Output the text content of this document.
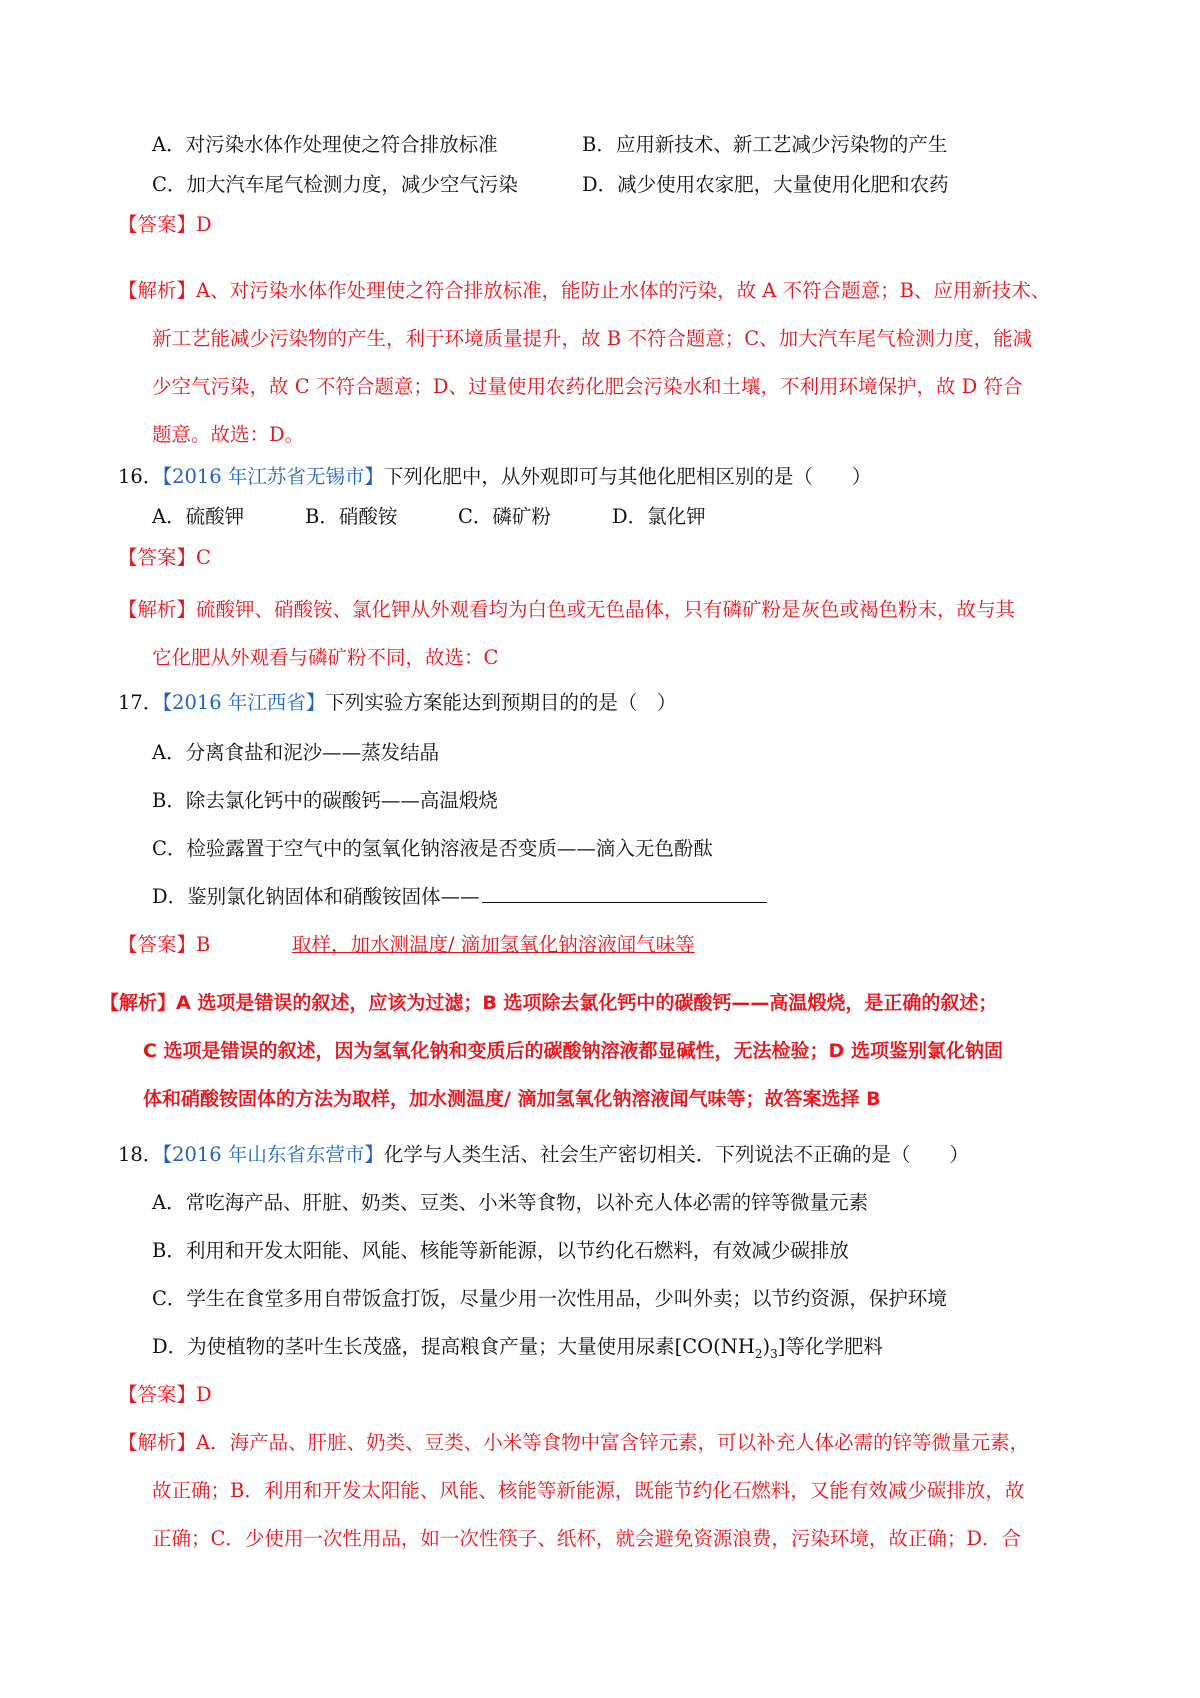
A．对污染水体作处理使之符合排放标准	B．应用新技术、新工艺减少污染物的产生
C．加大汽车尾气检测力度，减少空气污染	D．减少使用农家肥，大量使用化肥和农药
【答案】D
【解析】A、对污染水体作处理使之符合排放标准，能防止水体的污染，故 A 不符合题意；B、应用新技术、
新工艺能减少污染物的产生，利于环境质量提升，故 B 不符合题意；C、加大汽车尾气检测力度，能减
少空气污染，故 C 不符合题意；D、过量使用农药化肥会污染水和土壤，不利用环境保护，故 D 符合
题意。故选：D。
16．【2016 年江苏省无锡市】下列化肥中，从外观即可与其他化肥相区别的是（　　）
A．硫酸钾	B．硝酸铵	C．磷矿粉	D．氯化钾
【答案】C
【解析】硫酸钾、硝酸铵、氯化钾从外观看均为白色或无色晶体，只有磷矿粉是灰色或褐色粉末，故与其
它化肥从外观看与磷矿粉不同，故选：C
17．【2016 年江西省】下列实验方案能达到预期目的的是（　）
A．分离食盐和泥沙——蒸发结晶
B．除去氯化钙中的碳酸钙——高温煅烧
C．检验露置于空气中的氢氧化钠溶液是否变质——滴入无色酚酞
D．鉴别氯化钠固体和硝酸铵固体——
【答案】B	取样，加水测温度/ 滴加氢氧化钠溶液闻气味等
【解析】A 选项是错误的叙述，应该为过滤；B 选项除去氯化钙中的碳酸钙——高温煅烧，是正确的叙述；
C 选项是错误的叙述，因为氢氧化钠和变质后的碳酸钠溶液都显碱性，无法检验；D 选项鉴别氯化钠固
体和硝酸铵固体的方法为取样，加水测温度/ 滴加氢氧化钠溶液闻气味等；故答案选择 B
18．【2016 年山东省东营市】化学与人类生活、社会生产密切相关．下列说法不正确的是（　　）
A．常吃海产品、肝脏、奶类、豆类、小米等食物，以补充人体必需的锌等微量元素
B．利用和开发太阳能、风能、核能等新能源，以节约化石燃料，有效减少碳排放
C．学生在食堂多用自带饭盒打饭，尽量少用一次性用品，少叫外卖；以节约资源，保护环境
D．为使植物的茎叶生长茂盛，提高粮食产量；大量使用尿素$[CO(NH_2)_3]$等化学肥料
【答案】D
【解析】A．海产品、肝脏、奶类、豆类、小米等食物中富含锌元素，可以补充人体必需的锌等微量元素，
故正确；B．利用和开发太阳能、风能、核能等新能源，既能节约化石燃料，又能有效减少碳排放，故
正确；C．少使用一次性用品，如一次性筷子、纸杯，就会避免资源浪费，污染环境，故正确；D．合
